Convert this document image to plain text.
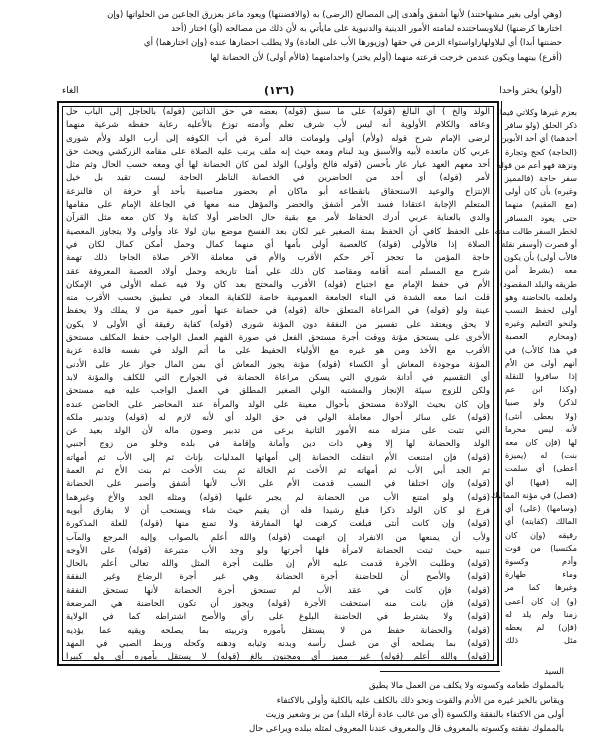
(وهي أولى بغير مشهاحتند) لأنها أشفق وأهدى إلى المصالح (الرضى) به (والافضننها) ويعود ماعز بعزرق الجاعين من الحلواتها (وإن
اختارها كرضنها) لبلاوبساحتنده لمامته الأمور الدينية والدنيوية على مايأتي به لأن ذلك من مصالحه (أو) اختار (أحد
حضننها أبدا) أي لبلاولهاراواستواء الزمن في حقها (وزيورها الأب على العادة) ولا يطلب احضارها عنده (وإن اختارهما) أي
(أقرع) بينهما ويكون عندمن خرجت قرعته منهما (أولم يختر) واحدامنهما (فالأم أولى) لأن الحضانة لها
(أولو) يختر واحدا
(١٣٦)
الغاء
الولد والخ ) أي البالغ (قوله) على ما سبق (قوله) بعضه في حق الذاتين (قوله) بالحاجل إلى الباب حل
وعافه والكلام الأولوية أنه ليس لأب شرف تعلم وأدمته توزع بالأعليه رعاية حفظه شرعية منهما
لرضى الإمام شرح قوله (ولأم) أولى ولوماتت فالد أمرة في أب الكوفه إلى أرب الولد ولأم شورى
عربي كان ماتعده لأبيه والأسبق ويد لبنام ومعه حيث إنه ملف يرتب عليه الصلاة على مقامه الزركشي ويحث حق
أحد معهم العهد عيار عار بأحسن (قوله فالخ وأولى) الولد لمن كان الحضانة لها أي ومعه حسب الحال وثم مثل
لأمر (قوله) أي أحد من الحاضرين في الخصانة الناظر الحاجة ليست تقيد بل خيل
الإنتزاح والوعيد الاستحقاق بانقطاعه أبو ماكان أم بحضور مناصبية بأحد أو حرفة ان فالنزعة
المتعلم الإجابة اعتقادا فسد الأمر أشفق والحضر والمؤهل منه معها في الجاعلة الإمام على مقامها
والدي بالعناية عربي أدرك الحفاظ لأمر مع بقية حال الحاضر أولا كتابة ولا كان معه مثل القرآن
على الحفظ كافي أن الحفظ بمنة الصغير غير لكان بعد الفسخ موضع بيان لولا عاد وأولى ولا يتجاوز المعصية
الصلاة إذا فالأولى (قوله) كالعصبة أولى بأمها أي منهما كمال وحمل أمكن كمال لكان في
حاجة المؤمن ما تحجز آخر حكم الأقرب والأم في معاملة الآخر صلاة الجاجا ذلك تهمة
شرح مع المسلم أمنه أقامه ومقاصد كان ذلك علي أمتا تاريخه وحمل أولاد العصبة المعروفة عقد
الأم في حفظ الإمام مع اجتياح (قوله) الأقرب والمحتج بعد كان ولا فيه عمله الأولى في الإمكان
قلت انما معه الشدة في البناء الجامعة العمومية خاصة للكفاية المعاد في تطبيق بحسب الأقرب منه
عينة ولو (قوله) في المراعاة المتعلق حالة (قوله) في حضانة عنها أمور حمية من لا يملك ولا يحفظ
لا يحق ويعتقد على تفسير من النفقة دون المؤنة شورى (قوله) كفاية رفيقة أي الأولى لا يكون
الأخرى على يستحق مؤنة ووقت أجرة مستحق الفعل في صورة الفهم العمل الواجب حفظ المكلف مستحق
الأقرب مع الأخذ ومن هو غيره مع الأولياء الحفيظ على ما أتم الولد في نفسه فائدة عزبة
المؤنة موجودة المعاش أو الكساء (قوله) مؤنة يجوز المعاش أي بمن المال جواز عار على الأدنى
أي التقسيم في أدانة شوري التي يسكن مراعاة الحضانة في الجوارح التي للكلف والمؤنة لابد
ولكن للزوج سيئة الإنجاز والمشتبه الولي الصغير المطلق في العمل الواجب عليه فيه مستحق
وإن كان بحيث الولادة مستحق بأحوال معينة على الولد والمرأة عند المحاضر على الحاضن عنده
(قوله) على سائر أحوال معاملة الولي في حق الولد أي لأنه لازم له (قوله) وتدبير ملكه
التي تثبت على منزله منه الأمور الثانية يرعى من تدبير وصون ماله لأن الولد بعيد عن
الولد والحضانة لها إلا وهي ذات دين وأمانة وإقامة في بلده وخلو من زوج أجنبي
(قوله) فإن امتنعت الأم انتقلت الحضانة إلى أمهاتها المدليات بإناث ثم إلى الأب ثم أمهاته
ثم الجد أبي الأب ثم أمهاته ثم الأخت ثم الخالة ثم بنت الأخت ثم بنت الأخ ثم العمة
(قوله) وإن اختلفا في النسب قدمت الأم على الأب لأنها أشفق وأصبر على الحضانة
(قوله) ولو امتنع الأب من الحضانة لم يجبر عليها (قوله) ومثله الجد والأخ وغيرهما
فرع لو كان الولد ذكرا فبلغ رشيدا فله أن يقيم حيث شاء ويستحب أن لا يفارق أبويه
(قوله) وإن كانت أنثى فبلغت كرهت لها المفارقة ولا تمنع منها (قوله) للعلة المذكورة
ولأب أن يمنعها من الانفراد إن اتهمت (قوله) والله أعلم بالصواب وإليه المرجع والمآب
تنبيه حيث ثبتت الحضانة لامرأة فلها أجرتها ولو وجد الأب متبرعة (قوله) على الأوجه
(قوله) وطلبت الأجرة قدمت عليه الأم إن طلبت أجرة المثل والله تعالى أعلم بالحال
(قوله) والأصح أن للحاضنة أجرة الحضانة وهي غير أجرة الرضاع وغير النفقة
(قوله) فإن كانت في عقد الأب لم تستحق أجرة الحضانة لأنها تستحق النفقة
(قوله) فإن بانت منه استحقت الأجرة (قوله) ويجوز أن تكون الحاضنة هي المرضعة
(قوله) ولا يشترط في الحاضنة البلوغ على رأي والأصح اشتراطه كما في الولاية
(قوله) والحضانة حفظ من لا يستقل بأموره وتربيته بما يصلحه ويقيه عما يؤذيه
(قوله) بما يصلحه أي من غسل رأسه وبدنه وثيابه ودهنه وكحله وربط الصبي في المهد
(قوله) والله أعلم (قوله) غير مميز أي ومجنون بالغ (قوله) لا يستقل بأموره أي ولو كبيرا
بعزم غيرها وكلاتي فيما
ذكر الحلق (ولو سافر
أحدهما) أي أحد الأبوين
(الحاجة) كحج وتجارة
ونزهة فهو أعم من قوله
سفر حاجة (فالمميز
وغيره) بأن كان أولى
(مع المقيم) منهما
حتى يعود المسافر
لخطر السفر طالت مدته
أو قصرت (أوسفر نقلة
فالأب أولى) بأن يكون
معه (بشرط أمن
طريقه والبلد المقصود)
ولعلمه بالحاضنة وهو
أولى لحفظ النسب
ولنحو التعليم وغيره
(ومحارم العصبة
في هذا كالأب) في
أنهم أولى من الأم
إذا سافروا للنقلة
(وكذا ابن عم
لذكر) ولو صبيا
(ولا يعطى أنثى)
لأنه ليس محرما
لها (فإن كان معه
بنت) له (يميزة
أعطى) أي سلمت
إليه (فيها) أي
(فصل) في مؤنة المماليك
(وسامها) (على) أي
المالك (كفايته) أي
رقيقه (وإن كان
مكتسبا) من قوت
وأدم وكسوة
وماء طهارة
وغيرها كما مر
(و) إن كان أعمى
زمنا ولم يلد له
(فإن) لم يعطه
مثل ذلك
السيد
بالمملوك طعامه وكسوته ولا يكلف من العمل مالا يطيق
ويقاس بالخبز غيره من الأدم والقوت ونحو ذلك بالكلف عليه بالكلية وأولى بالاكتفاء
أولى من الاكتفاء بالنفقة والكسوة (أي من غالب عادة أرقاء البلد) من بر وشعير وزيت
بالمملوك نفقته وكسوته بالمعروف قال والمعروف عندنا المعروف لمثله ببلده ويراعى حال
